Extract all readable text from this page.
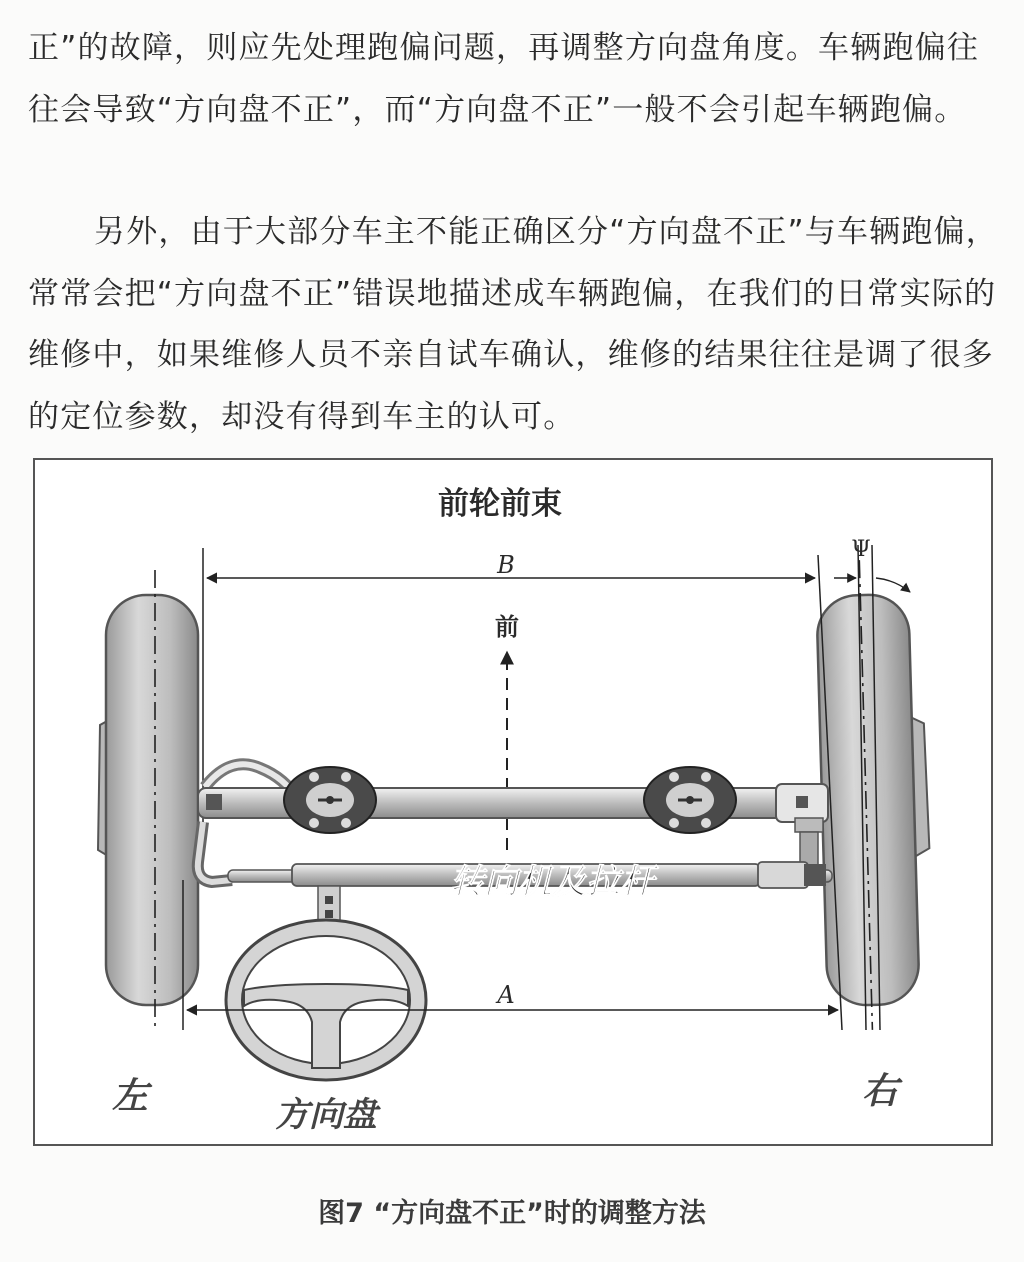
正”的故障，则应先处理跑偏问题，再调整方向盘角度。车辆跑偏往往会导致“方向盘不正”，而“方向盘不正”一般不会引起车辆跑偏。

另外，由于大部分车主不能正确区分“方向盘不正”与车辆跑偏，常常会把“方向盘不正”错误地描述成车辆跑偏，在我们的日常实际的维修中，如果维修人员不亲自试车确认，维修的结果往往是调了很多的定位参数，却没有得到车主的认可。

前轮前束
B
Ψ
前
转向机及拉杆
A
左	右
方向盘
图7 “方向盘不正”时的调整方法
